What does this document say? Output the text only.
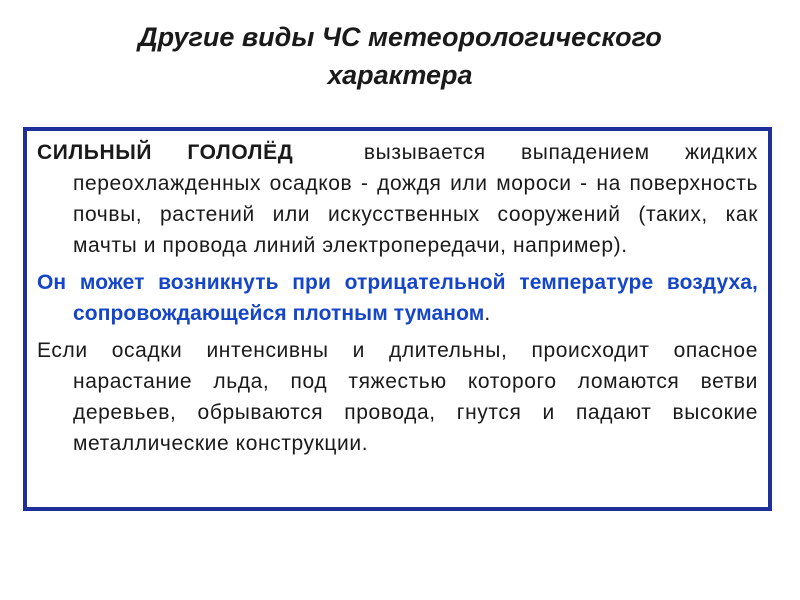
Другие виды ЧС метеорологического
характера

СИЛЬНЫЙ ГОЛОЛЁД	вызывается выпадением жидких переохлажденных осадков - дождя или мороси - на поверхность почвы, растений или искусственных сооружений (таких, как мачты и провода линий электропередачи, например).

Он может возникнуть при отрицательной температуре воздуха, сопровождающейся плотным туманом.

Если осадки интенсивны и длительны, происходит опасное нарастание льда, под тяжестью которого ломаются ветви деревьев, обрываются провода, гнутся и падают высокие металлические конструкции.
